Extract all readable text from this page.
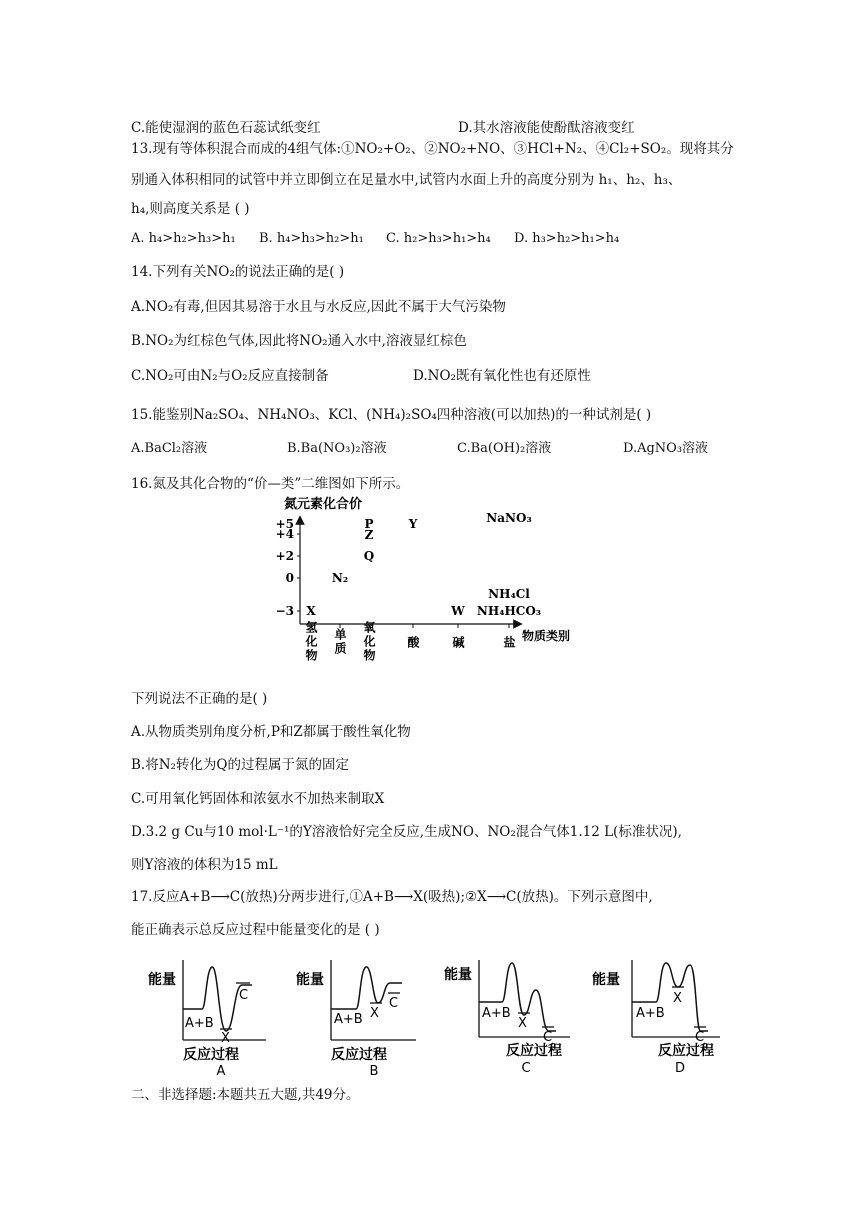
C.能使湿润的蓝色石蕊试纸变红	D.其水溶液能使酚酞溶液变红
13.现有等体积混合而成的4组气体:①NO₂+O₂、②NO₂+NO、③HCl+N₂、④Cl₂+SO₂。现将其分
别通入体积相同的试管中并立即倒立在足量水中,试管内水面上升的高度分别为 h₁、h₂、h₃、
h₄,则高度关系是 ( )
A. h₄>h₂>h₃>h₁ B. h₄>h₃>h₂>h₁ C. h₂>h₃>h₁>h₄ D. h₃>h₂>h₁>h₄
14.下列有关NO₂的说法正确的是( )
A.NO₂有毒,但因其易溶于水且与水反应,因此不属于大气污染物
B.NO₂为红棕色气体,因此将NO₂通入水中,溶液显红棕色
C.NO₂可由N₂与O₂反应直接制备	D.NO₂既有氧化性也有还原性
15.能鉴别Na₂SO₄、NH₄NO₃、KCl、(NH₄)₂SO₄四种溶液(可以加热)的一种试剂是( )
A.BaCl₂溶液	B.Ba(NO₃)₂溶液	C.Ba(OH)₂溶液	D.AgNO₃溶液
16.氮及其化合物的“价—类”二维图如下所示。
氮元素化合价
+5
+4
+2
0
−3
氢化物 单质 氧化物	酸	碱	盐 物质类别
P
Z
Q
Y
N₂
X	W
NaNO₃
NH₄Cl
NH₄HCO₃
下列说法不正确的是( )
A.从物质类别角度分析,P和Z都属于酸性氧化物
B.将N₂转化为Q的过程属于氮的固定
C.可用氧化钙固体和浓氨水不加热来制取X
D.3.2 g Cu与10 mol·L⁻¹的Y溶液恰好完全反应,生成NO、NO₂混合气体1.12 L(标准状况),
则Y溶液的体积为15 mL
17.反应A+B⟶C(放热)分两步进行,①A+B⟶X(吸热);②X⟶C(放热)。下列示意图中,
能正确表示总反应过程中能量变化的是 ( )
能量
A+B
X
C
反应过程
A
能量
A+B X
C
反应过程
B
能量
A+B
X
C
反应过程
C
能量
A+B
X
C
反应过程
D
二、非选择题:本题共五大题,共49分。
